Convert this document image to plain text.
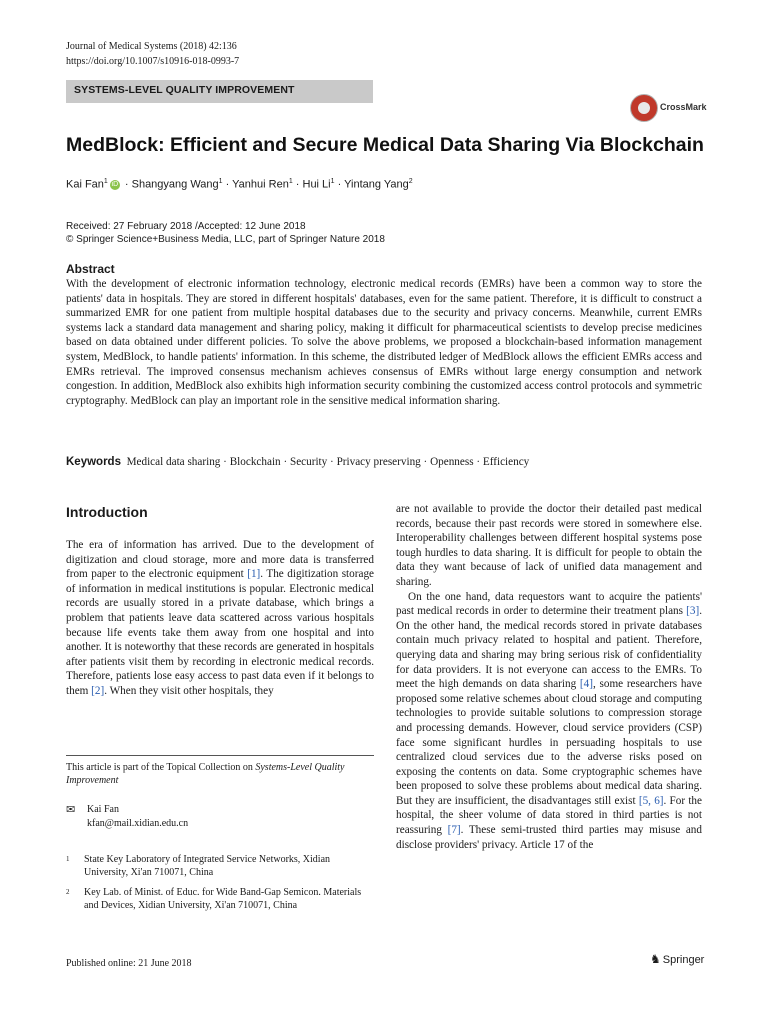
Journal of Medical Systems (2018) 42:136
https://doi.org/10.1007/s10916-018-0993-7
SYSTEMS-LEVEL QUALITY IMPROVEMENT
CrossMark
MedBlock: Efficient and Secure Medical Data Sharing Via Blockchain
Kai Fan$^1$ iD · Shangyang Wang$^1$ · Yanhui Ren$^1$ · Hui $Li^1 \cdot Yintang$ Yang$^2$
Received: 27 February 2018 /Accepted: 12 June 2018
© Springer Science+Business Media, LLC, part of Springer Nature 2018
Abstract
With the development of electronic information technology, electronic medical records (EMRs) have been a common way to store the patients' data in hospitals. They are stored in different hospitals' databases, even for the same patient. Therefore, it is difficult to construct a summarized EMR for one patient from multiple hospital databases due to the security and privacy concerns. Meanwhile, current EMRs systems lack a standard data management and sharing policy, making it difficult for pharmaceutical scientists to develop precise medicines based on data obtained under different policies. To solve the above problems, we proposed a blockchain-based information management system, MedBlock, to handle patients' information. In this scheme, the distributed ledger of MedBlock allows the efficient EMRs access and EMRs retrieval. The improved consensus mechanism achieves consensus of EMRs without large energy consumption and network congestion. In addition, MedBlock also exhibits high information security combining the customized access control protocols and symmetric cryptography. MedBlock can play an important role in the sensitive medical information sharing.
Keywords Medical data sharing · Blockchain · Security · Privacy preserving · Openness · Efficiency
Introduction
The era of information has arrived. Due to the development of digitization and cloud storage, more and more data is transferred from paper to the electronic equipment [1]. The digitization storage of information in medical institutions is popular. Electronic medical records are usually stored in a private database, which brings a problem that patients leave data scattered across various hospitals because life events take them away from one hospital and into another. It is noteworthy that these records are generated in hospitals after patients visit them by recording in electronic medical records. Therefore, patients lose easy access to past data even if it belongs to them [2]. When they visit other hospitals, they

are not available to provide the doctor their detailed past medical records, because their past records were stored in somewhere else. Interoperability challenges between different hospital systems pose tough hurdles to data sharing. It is difficult for people to obtain the data they want because of lack of unified data management and sharing.

On the one hand, data requestors want to acquire the patients' past medical records in order to determine their treatment plans [3]. On the other hand, the medical records stored in private databases contain much privacy related to hospital and patient. Therefore, querying data and sharing may bring serious risk of confidentiality for data providers. It is not everyone can access to the EMRs. To meet the high demands on data sharing [4], some researchers have proposed some relative schemes about cloud storage and computing technologies to provide suitable solutions to compression storage and processing demands. However, cloud service providers (CSP) face some significant hurdles in persuading hospitals to use centralized cloud services due to the adverse risks posed on exposing the contents on data. Some cryptographic schemes have been proposed to solve these problems about medical data sharing. But they are insufficient, the disadvantages still exist [5, 6]. For the hospital, the sheer volume of data stored in third parties is not reassuring [7]. These semi-trusted third parties may misuse and disclose providers' privacy. Article 17 of the

This article is part of the Topical Collection on Systems-Level Quality Improvement
✉ Kai Fan
kfan@mail.xidian.edu.cn
1 State Key Laboratory of Integrated Service Networks, Xidian University, Xi'an 710071, China
2 Key Lab. of Minist. of Educ. for Wide Band-Gap Semicon. Materials and Devices, Xidian University, Xi'an 710071, China
Published online: 21 June 2018	♞ Springer
